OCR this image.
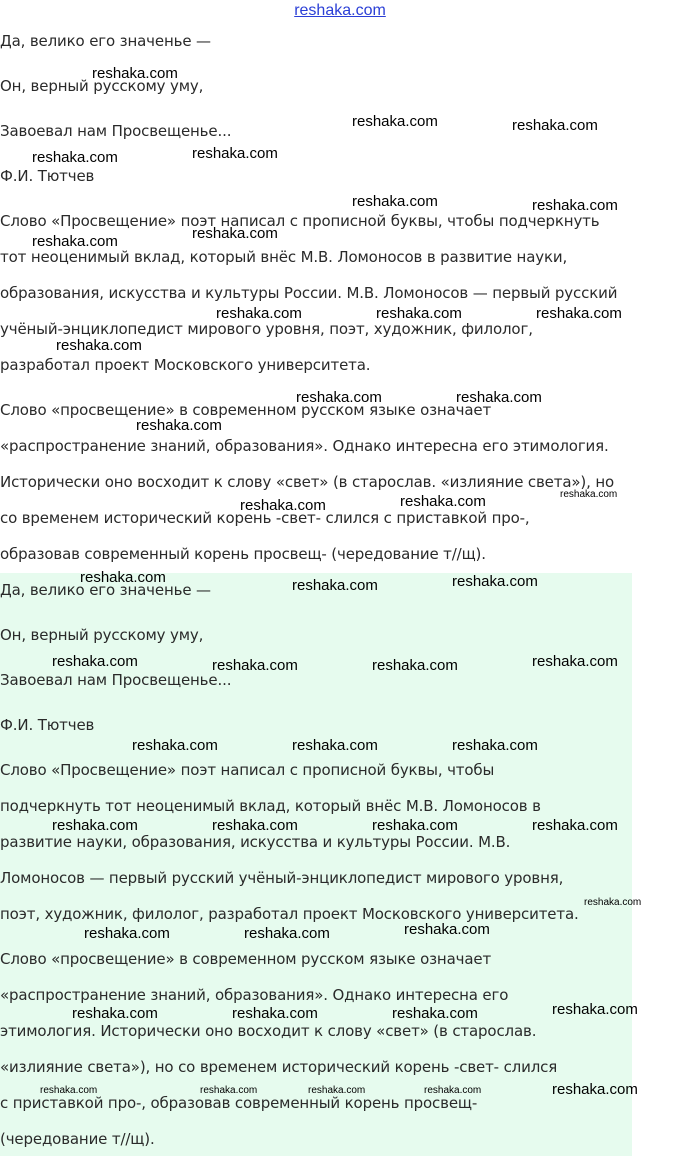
reshaka.com
Да, велико его значенье —
Он, верный русскому уму,
Завоевал нам Просвещенье...
Ф.И. Тютчев
Слово «Просвещение» поэт написал с прописной буквы, чтобы подчеркнуть
тот неоценимый вклад, который внёс М.В. Ломоносов в развитие науки,
образования, искусства и культуры России. М.В. Ломоносов — первый русский
учёный-энциклопедист мирового уровня, поэт, художник, филолог,
разработал проект Московского университета.
Слово «просвещение» в современном русском языке означает
«распространение знаний, образования». Однако интересна его этимология.
Исторически оно восходит к слову «свет» (в старослав. «излияние света»), но
со временем исторический корень -свет- слился с приставкой про-,
образовав современный корень просвещ- (чередование т//щ).
Да, велико его значенье —
Он, верный русскому уму,
Завоевал нам Просвещенье...
Ф.И. Тютчев
Слово «Просвещение» поэт написал с прописной буквы, чтобы
подчеркнуть тот неоценимый вклад, который внёс М.В. Ломоносов в
развитие науки, образования, искусства и культуры России. М.В.
Ломоносов — первый русский учёный-энциклопедист мирового уровня,
поэт, художник, филолог, разработал проект Московского университета.
Слово «просвещение» в современном русском языке означает
«распространение знаний, образования». Однако интересна его
этимология. Исторически оно восходит к слову «свет» (в старослав.
«излияние света»), но со временем исторический корень -свет- слился
с приставкой про-, образовав современный корень просвещ-
(чередование т//щ).
reshaka.com
reshaka.com	reshaka.com
reshaka.com	reshaka.com
reshaka.com	reshaka.com
reshaka.com	reshaka.com
reshaka.com	reshaka.com	reshaka.com
reshaka.com
reshaka.com	reshaka.com
reshaka.com
reshaka.com	reshaka.com	reshaka.com
reshaka.com	reshaka.com	reshaka.com
reshaka.com	reshaka.com	reshaka.com	reshaka.com
reshaka.com	reshaka.com	reshaka.com
reshaka.com	reshaka.com	reshaka.com	reshaka.com
reshaka.com
reshaka.com	reshaka.com	reshaka.com
reshaka.com	reshaka.com	reshaka.com	reshaka.com
reshaka.com	reshaka.com	reshaka.com	reshaka.com	reshaka.com
